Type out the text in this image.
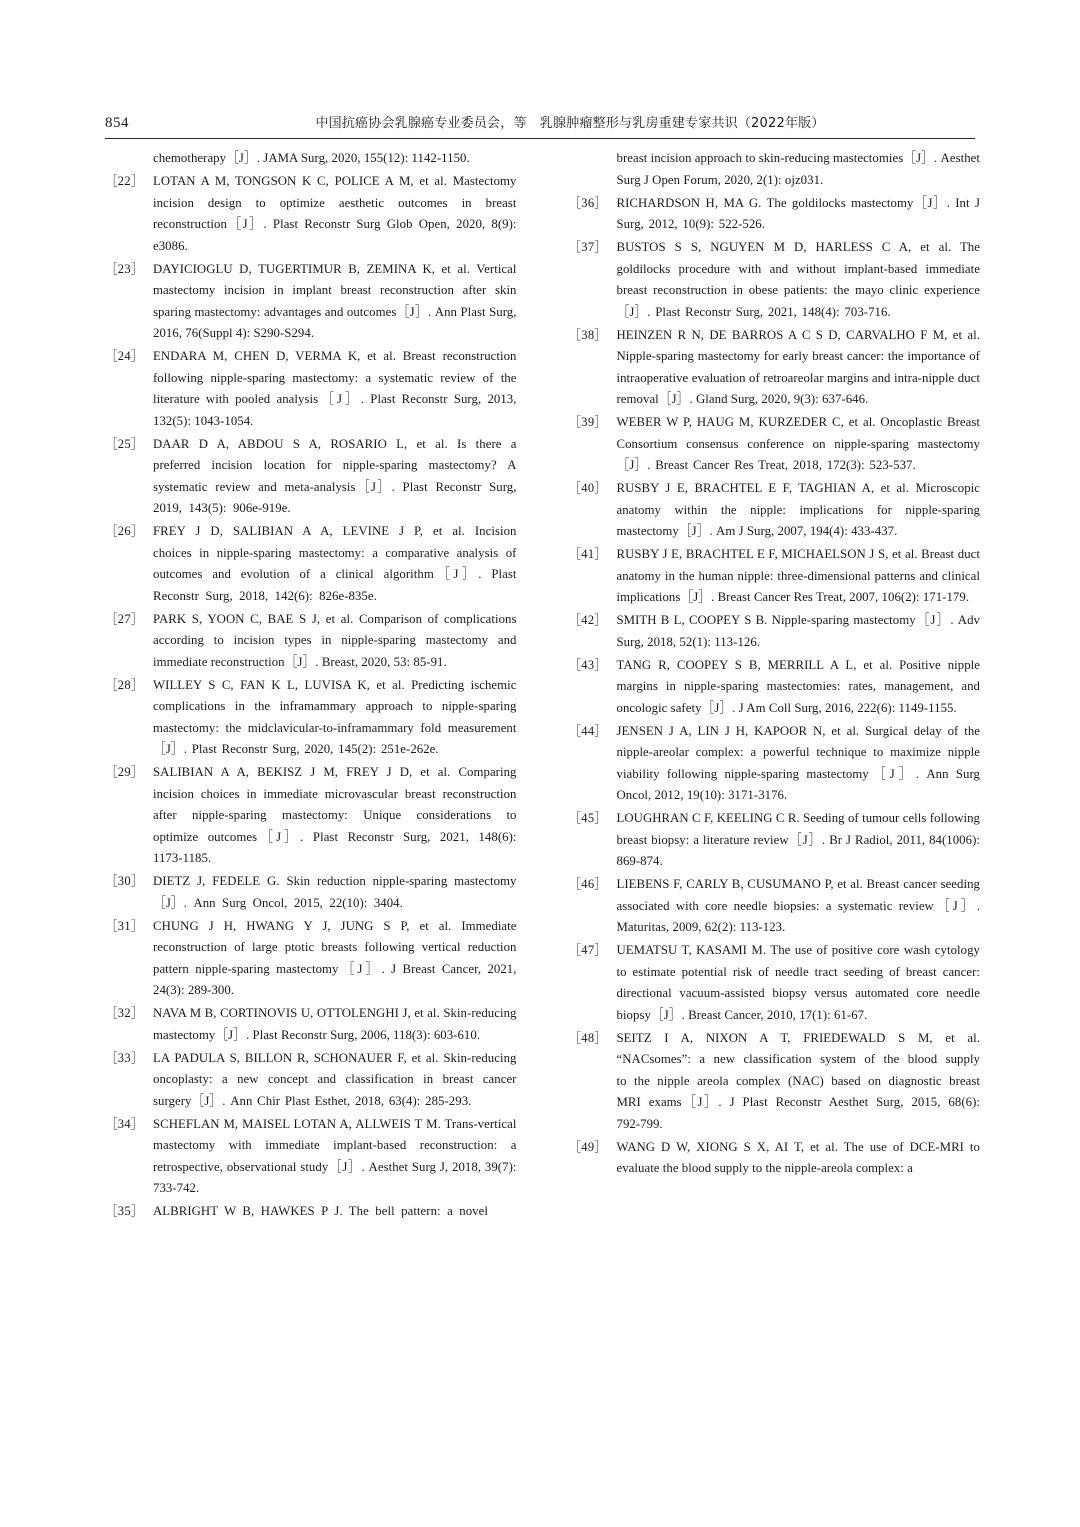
854	中国抗癌协会乳腺癌专业委员会，等　乳腺肿瘤整形与乳房重建专家共识（2022年版）
chemotherapy［J］. JAMA Surg, 2020, 155(12): 1142-1150.
［22］ LOTAN A M, TONGSON K C, POLICE A M, et al. Mastectomy incision design to optimize aesthetic outcomes in breast reconstruction［J］. Plast Reconstr Surg Glob Open, 2020, 8(9): e3086.
［23］ DAYICIOGLU D, TUGERTIMUR B, ZEMINA K, et al. Vertical mastectomy incision in implant breast reconstruction after skin sparing mastectomy: advantages and outcomes［J］. Ann Plast Surg, 2016, 76(Suppl 4): S290-S294.
［24］ ENDARA M, CHEN D, VERMA K, et al. Breast reconstruction following nipple-sparing mastectomy: a systematic review of the literature with pooled analysis［J］. Plast Reconstr Surg, 2013, 132(5): 1043-1054.
［25］ DAAR D A, ABDOU S A, ROSARIO L, et al. Is there a preferred incision location for nipple-sparing mastectomy? A systematic review and meta-analysis［J］. Plast Reconstr Surg, 2019, 143(5): 906e-919e.
［26］ FREY J D, SALIBIAN A A, LEVINE J P, et al. Incision choices in nipple-sparing mastectomy: a comparative analysis of outcomes and evolution of a clinical algorithm［J］. Plast Reconstr Surg, 2018, 142(6): 826e-835e.
［27］ PARK S, YOON C, BAE S J, et al. Comparison of complications according to incision types in nipple-sparing mastectomy and immediate reconstruction［J］. Breast, 2020, 53: 85-91.
［28］ WILLEY S C, FAN K L, LUVISA K, et al. Predicting ischemic complications in the inframammary approach to nipple-sparing mastectomy: the midclavicular-to-inframammary fold measurement［J］. Plast Reconstr Surg, 2020, 145(2): 251e-262e.
［29］ SALIBIAN A A, BEKISZ J M, FREY J D, et al. Comparing incision choices in immediate microvascular breast reconstruction after nipple-sparing mastectomy: Unique considerations to optimize outcomes［J］. Plast Reconstr Surg, 2021, 148(6): 1173-1185.
［30］ DIETZ J, FEDELE G. Skin reduction nipple-sparing mastectomy［J］. Ann Surg Oncol, 2015, 22(10): 3404.
［31］ CHUNG J H, HWANG Y J, JUNG S P, et al. Immediate reconstruction of large ptotic breasts following vertical reduction pattern nipple-sparing mastectomy［J］. J Breast Cancer, 2021, 24(3): 289-300.
［32］ NAVA M B, CORTINOVIS U, OTTOLENGHI J, et al. Skin-reducing mastectomy［J］. Plast Reconstr Surg, 2006, 118(3): 603-610.
［33］ LA PADULA S, BILLON R, SCHONAUER F, et al. Skin-reducing oncoplasty: a new concept and classification in breast cancer surgery［J］. Ann Chir Plast Esthet, 2018, 63(4): 285-293.
［34］ SCHEFLAN M, MAISEL LOTAN A, ALLWEIS T M. Trans-vertical mastectomy with immediate implant-based reconstruction: a retrospective, observational study［J］. Aesthet Surg J, 2018, 39(7): 733-742.
［35］ ALBRIGHT W B, HAWKES P J. The bell pattern: a novel
breast incision approach to skin-reducing mastectomies［J］. Aesthet Surg J Open Forum, 2020, 2(1): ojz031.
［36］ RICHARDSON H, MA G. The goldilocks mastectomy［J］. Int J Surg, 2012, 10(9): 522-526.
［37］ BUSTOS S S, NGUYEN M D, HARLESS C A, et al. The goldilocks procedure with and without implant-based immediate breast reconstruction in obese patients: the mayo clinic experience［J］. Plast Reconstr Surg, 2021, 148(4): 703-716.
［38］ HEINZEN R N, DE BARROS A C S D, CARVALHO F M, et al. Nipple-sparing mastectomy for early breast cancer: the importance of intraoperative evaluation of retroareolar margins and intra-nipple duct removal［J］. Gland Surg, 2020, 9(3): 637-646.
［39］ WEBER W P, HAUG M, KURZEDER C, et al. Oncoplastic Breast Consortium consensus conference on nipple-sparing mastectomy［J］. Breast Cancer Res Treat, 2018, 172(3): 523-537.
［40］ RUSBY J E, BRACHTEL E F, TAGHIAN A, et al. Microscopic anatomy within the nipple: implications for nipple-sparing mastectomy［J］. Am J Surg, 2007, 194(4): 433-437.
［41］ RUSBY J E, BRACHTEL E F, MICHAELSON J S, et al. Breast duct anatomy in the human nipple: three-dimensional patterns and clinical implications［J］. Breast Cancer Res Treat, 2007, 106(2): 171-179.
［42］ SMITH B L, COOPEY S B. Nipple-sparing mastectomy［J］. Adv Surg, 2018, 52(1): 113-126.
［43］ TANG R, COOPEY S B, MERRILL A L, et al. Positive nipple margins in nipple-sparing mastectomies: rates, management, and oncologic safety［J］. J Am Coll Surg, 2016, 222(6): 1149-1155.
［44］ JENSEN J A, LIN J H, KAPOOR N, et al. Surgical delay of the nipple-areolar complex: a powerful technique to maximize nipple viability following nipple-sparing mastectomy［J］. Ann Surg Oncol, 2012, 19(10): 3171-3176.
［45］ LOUGHRAN C F, KEELING C R. Seeding of tumour cells following breast biopsy: a literature review［J］. Br J Radiol, 2011, 84(1006): 869-874.
［46］ LIEBENS F, CARLY B, CUSUMANO P, et al. Breast cancer seeding associated with core needle biopsies: a systematic review［J］. Maturitas, 2009, 62(2): 113-123.
［47］ UEMATSU T, KASAMI M. The use of positive core wash cytology to estimate potential risk of needle tract seeding of breast cancer: directional vacuum-assisted biopsy versus automated core needle biopsy［J］. Breast Cancer, 2010, 17(1): 61-67.
［48］ SEITZ I A, NIXON A T, FRIEDEWALD S M, et al. “NACsomes”: a new classification system of the blood supply to the nipple areola complex (NAC) based on diagnostic breast MRI exams［J］. J Plast Reconstr Aesthet Surg, 2015, 68(6): 792-799.
［49］ WANG D W, XIONG S X, AI T, et al. The use of DCE-MRI to evaluate the blood supply to the nipple-areola complex: a
